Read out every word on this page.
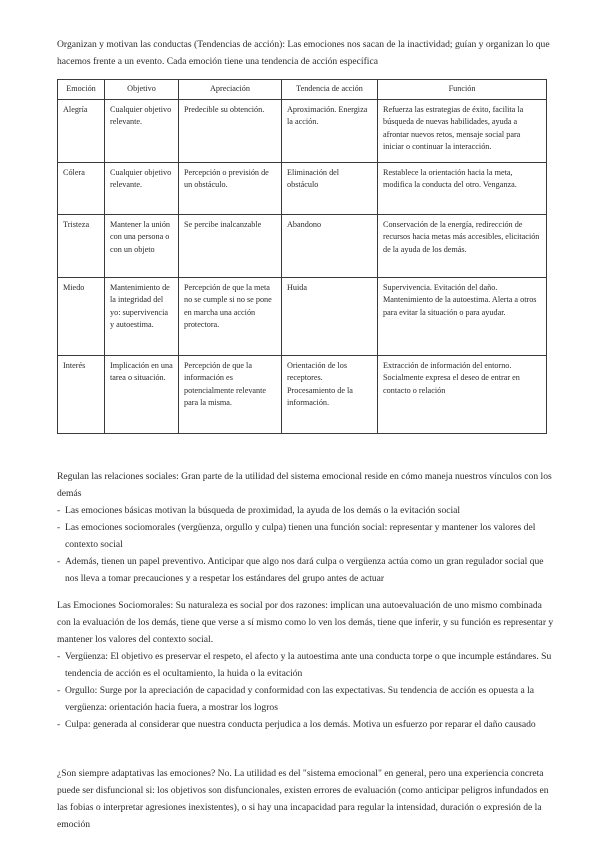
Organizan y motivan las conductas (Tendencias de acción): Las emociones nos sacan de la inactividad; guían y organizan lo que hacemos frente a un evento. Cada emoción tiene una tendencia de acción específica

Emoción	Objetivo	Apreciación	Tendencia de acción	Función
Alegría	Cualquier objetivo relevante.	Predecible su obtención.	Aproximación. Energiza la acción.	Refuerza las estrategias de éxito, facilita la búsqueda de nuevas habilidades, ayuda a afrontar nuevos retos, mensaje social para iniciar o continuar la interacción.
Cólera	Cualquier objetivo relevante.	Percepción o previsión de un obstáculo.	Eliminación del obstáculo	Restablece la orientación hacia la meta, modifica la conducta del otro. Venganza.
Tristeza	Mantener la unión con una persona o con un objeto	Se percibe inalcanzable	Abandono	Conservación de la energía, redirección de recursos hacia metas más accesibles, elicitación de la ayuda de los demás.
Miedo	Mantenimiento de la integridad del yo: supervivencia y autoestima.	Percepción de que la meta no se cumple si no se pone en marcha una acción protectora.	Huida	Supervivencia. Evitación del daño. Mantenimiento de la autoestima. Alerta a otros para evitar la situación o para ayudar.
Interés	Implicación en una tarea o situación.	Percepción de que la información es potencialmente relevante para la misma.	Orientación de los receptores. Procesamiento de la información.	Extracción de información del entorno. Socialmente expresa el deseo de entrar en contacto o relación

Regulan las relaciones sociales: Gran parte de la utilidad del sistema emocional reside en cómo maneja nuestros vínculos con los demás

- Las emociones básicas motivan la búsqueda de proximidad, la ayuda de los demás o la evitación social
- Las emociones sociomorales (vergüenza, orgullo y culpa) tienen una función social: representar y mantener los valores del contexto social
- Además, tienen un papel preventivo. Anticipar que algo nos dará culpa o vergüenza actúa como un gran regulador social que nos lleva a tomar precauciones y a respetar los estándares del grupo antes de actuar

Las Emociones Sociomorales: Su naturaleza es social por dos razones: implican una autoevaluación de uno mismo combinada con la evaluación de los demás, tiene que verse a sí mismo como lo ven los demás, tiene que inferir, y su función es representar y mantener los valores del contexto social.

- Vergüenza: El objetivo es preservar el respeto, el afecto y la autoestima ante una conducta torpe o que incumple estándares. Su tendencia de acción es el ocultamiento, la huida o la evitación
- Orgullo: Surge por la apreciación de capacidad y conformidad con las expectativas. Su tendencia de acción es opuesta a la vergüenza: orientación hacia fuera, a mostrar los logros
- Culpa: generada al considerar que nuestra conducta perjudica a los demás. Motiva un esfuerzo por reparar el daño causado

¿Son siempre adaptativas las emociones? No. La utilidad es del "sistema emocional" en general, pero una experiencia concreta puede ser disfuncional si: los objetivos son disfuncionales, existen errores de evaluación (como anticipar peligros infundados en las fobias o interpretar agresiones inexistentes), o si hay una incapacidad para regular la intensidad, duración o expresión de la emoción
